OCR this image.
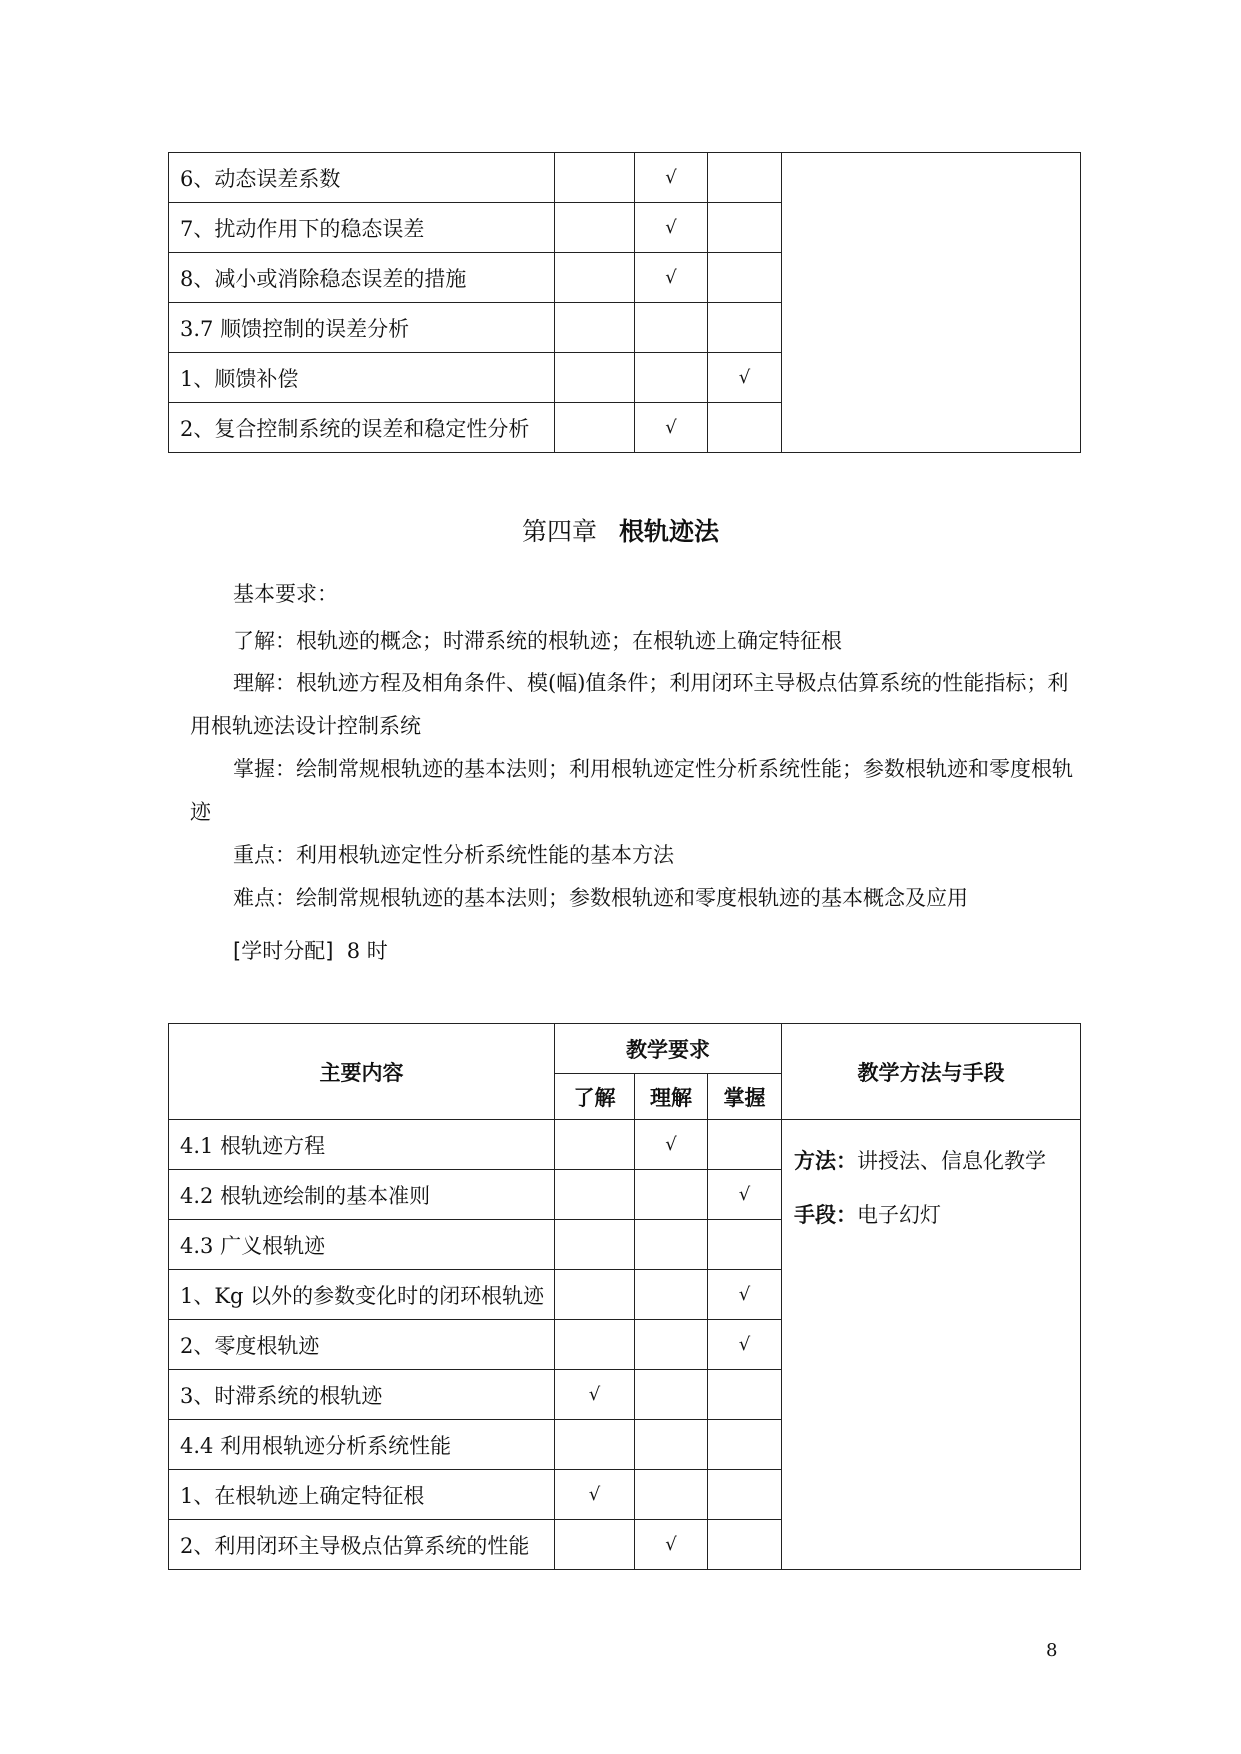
6、动态误差系数		√		
7、扰动作用下的稳态误差		√		
8、减小或消除稳态误差的措施		√		
3.7 顺馈控制的误差分析				
1、顺馈补偿			√	
2、复合控制系统的误差和稳定性分析		√		
第四章 根轨迹法

基本要求：

了解：根轨迹的概念；时滞系统的根轨迹；在根轨迹上确定特征根

理解：根轨迹方程及相角条件、模(幅)值条件；利用闭环主导极点估算系统的性能指标；利用根轨迹法设计控制系统

掌握：绘制常规根轨迹的基本法则；利用根轨迹定性分析系统性能；参数根轨迹和零度根轨迹

重点：利用根轨迹定性分析系统性能的基本方法

难点：绘制常规根轨迹的基本法则；参数根轨迹和零度根轨迹的基本概念及应用

[学时分配] 8 时

主要内容	教学要求			教学方法与手段
	了解	理解	掌握	
4.1 根轨迹方程		√		方法：讲授法、信息化教学
手段：电子幻灯

4.2 根轨迹绘制的基本准则			√	
4.3 广义根轨迹				
1、Kg 以外的参数变化时的闭环根轨迹			√	
2、零度根轨迹			√	
3、时滞系统的根轨迹	√			
4.4 利用根轨迹分析系统性能				
1、在根轨迹上确定特征根	√			
2、利用闭环主导极点估算系统的性能		√		
8
